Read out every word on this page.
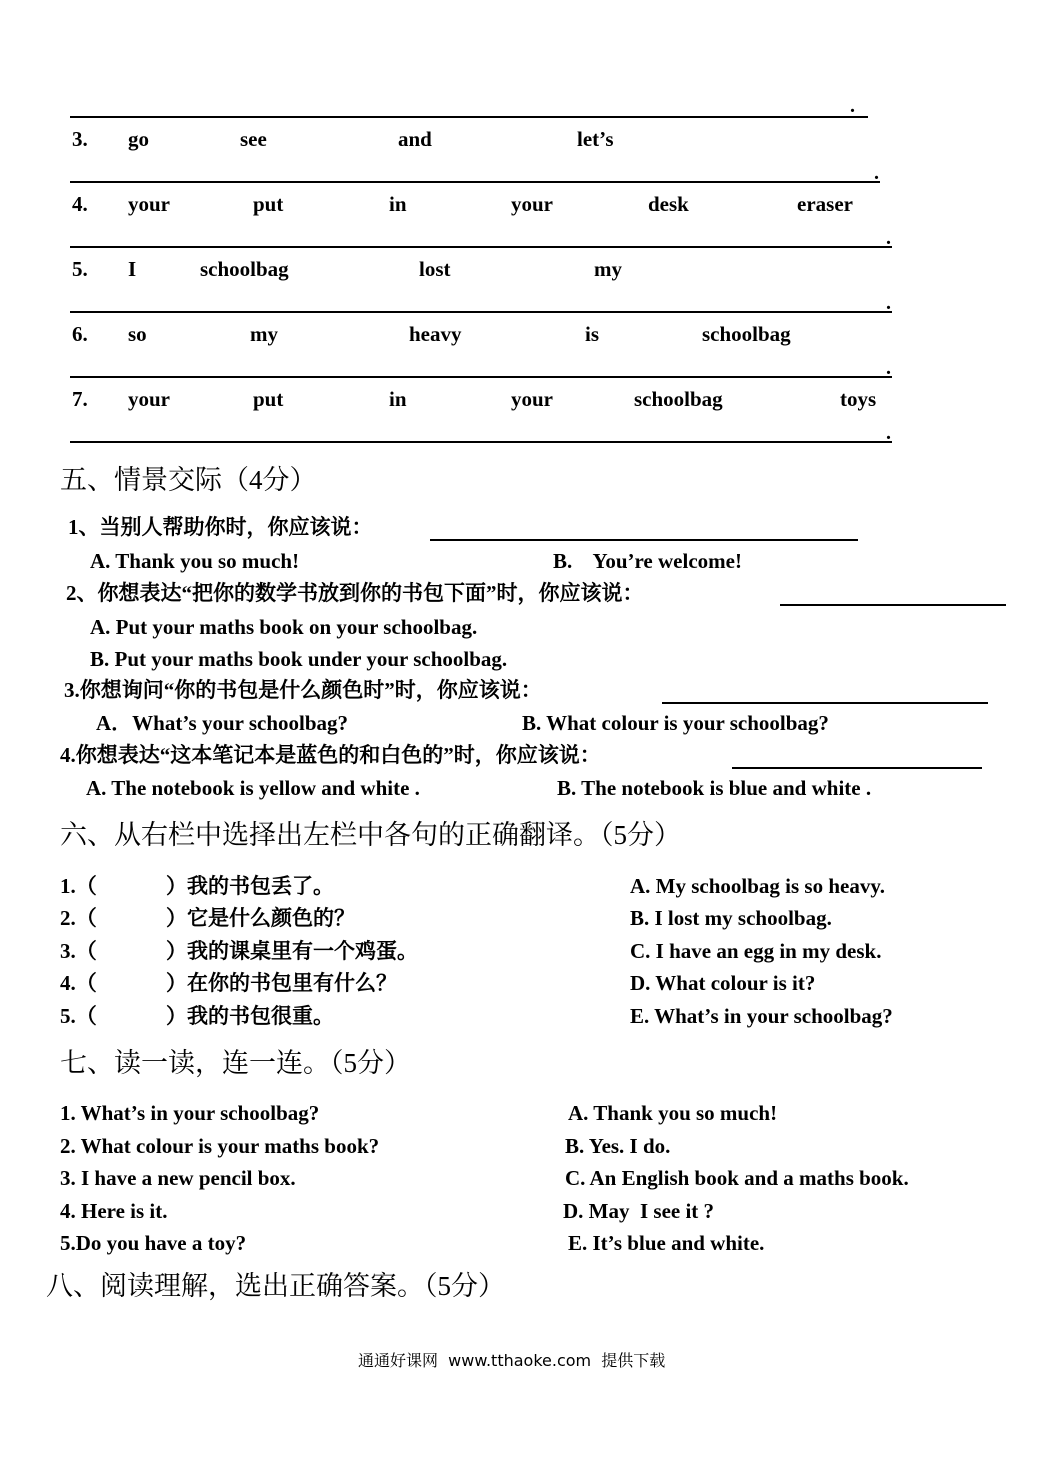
.
3. go	see	and	let’s
.
4. your	put	in	your	desk	eraser
.
5. I	schoolbag	lost	my
.
6. so	my	heavy	is	schoolbag
.
7. your	put	in	your	schoolbag	toys
.
五、情景交际（4分）
1、当别人帮助你时，你应该说：
A. Thank you so much!	B.    You’re welcome!
2、你想表达“把你的数学书放到你的书包下面”时，你应该说：
A. Put your maths book on your schoolbag.
B. Put your maths book under your schoolbag.
3.你想询问“你的书包是什么颜色时”时，你应该说：
A．What’s your schoolbag?	B. What colour is your schoolbag?
4.你想表达“这本笔记本是蓝色的和白色的”时，你应该说：
A. The notebook is yellow and white .	B. The notebook is blue and white .
六、从右栏中选择出左栏中各句的正确翻译。（5分）
1.（	）我的书包丢了。
2.（	）它是什么颜色的？
3.（	）我的课桌里有一个鸡蛋。
4.（	）在你的书包里有什么？
5.（	）我的书包很重。
A. My schoolbag is so heavy.
B. I lost my schoolbag.
C. I have an egg in my desk.
D. What colour is it?
E. What’s in your schoolbag?
七、读一读，连一连。（5分）
1. What’s in your schoolbag?
2. What colour is your maths book?
3. I have a new pencil box.
4. Here is it.
5.Do you have a toy?
A. Thank you so much!
B. Yes. I do.
C. An English book and a maths book.
D. May  I see it ?
E. It’s blue and white.
八、阅读理解，选出正确答案。（5分）
通通好课网  www.tthaoke.com  提供下载
